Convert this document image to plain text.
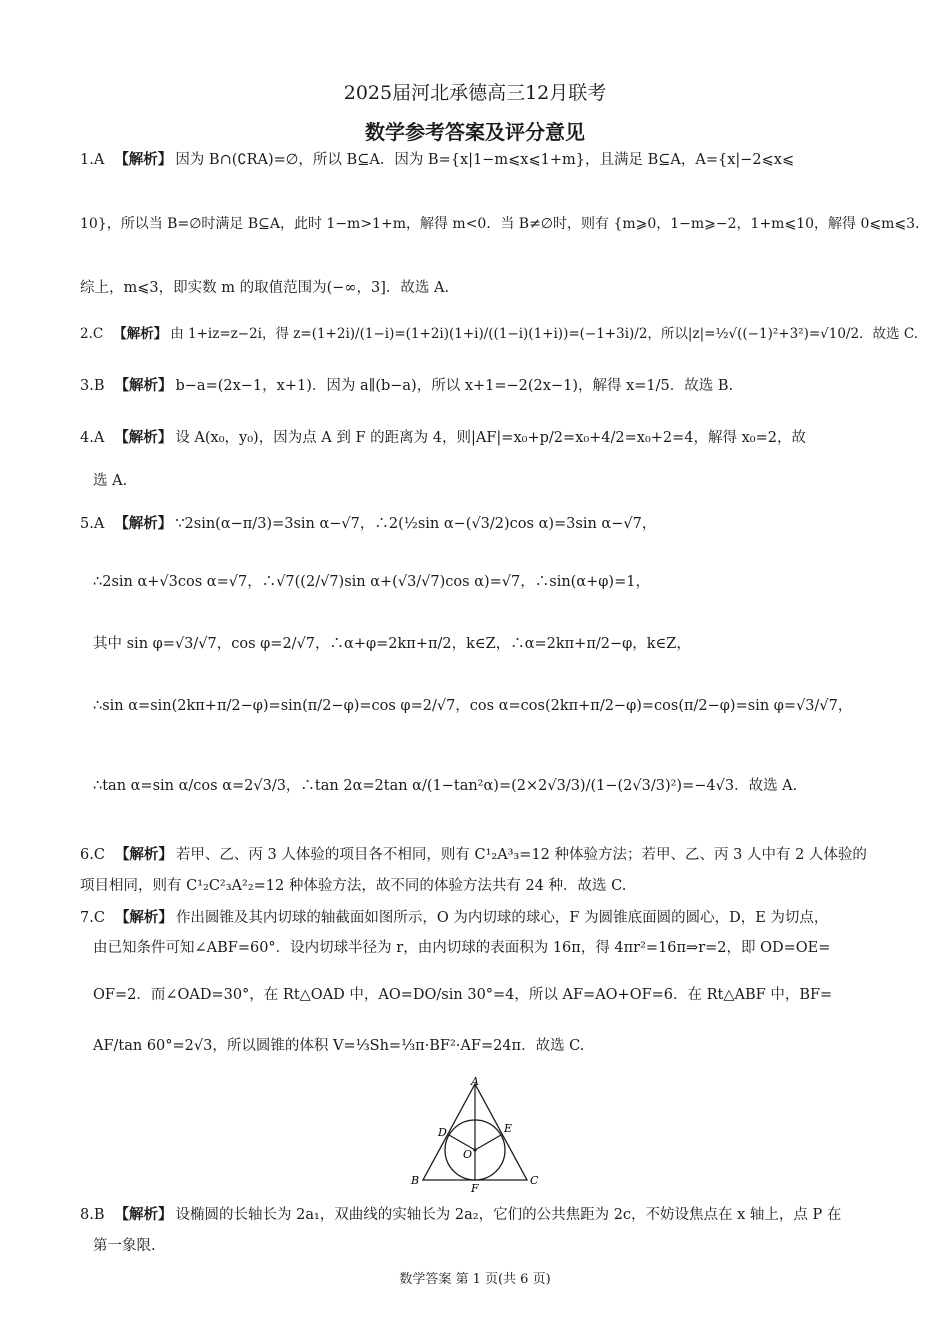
2025届河北承德高三12月联考
数学参考答案及评分意见
1.A 【解析】 因为 B∩(∁RA)=∅，所以 B⊆A．因为 B={x|1−m⩽x⩽1+m}，且满足 B⊆A，A={x|−2⩽x⩽
10}，所以当 B=∅时满足 B⊆A，此时 1−m>1+m，解得 m<0．当 B≠∅时，则有 {m⩾0，1−m⩾−2，1+m⩽10，解得 0⩽m⩽3.
综上，m⩽3，即实数 m 的取值范围为(−∞，3]．故选 A.
2.C 【解析】 由 1+iz=z−2i，得 z=(1+2i)/(1−i)=(1+2i)(1+i)/((1−i)(1+i))=(−1+3i)/2，所以|z|=½√((−1)²+3²)=√10/2．故选 C.
3.B 【解析】 b−a=(2x−1，x+1)．因为 a∥(b−a)，所以 x+1=−2(2x−1)，解得 x=1/5．故选 B.
4.A 【解析】 设 A(x₀，y₀)，因为点 A 到 F 的距离为 4，则|AF|=x₀+p/2=x₀+4/2=x₀+2=4，解得 x₀=2，故
选 A.
5.A 【解析】 ∵2sin(α−π/3)=3sin α−√7，∴2(½sin α−(√3/2)cos α)=3sin α−√7，
∴2sin α+√3cos α=√7，∴√7((2/√7)sin α+(√3/√7)cos α)=√7，∴sin(α+φ)=1，
其中 sin φ=√3/√7，cos φ=2/√7，∴α+φ=2kπ+π/2，k∈Z，∴α=2kπ+π/2−φ，k∈Z，
∴sin α=sin(2kπ+π/2−φ)=sin(π/2−φ)=cos φ=2/√7，cos α=cos(2kπ+π/2−φ)=cos(π/2−φ)=sin φ=√3/√7，
∴tan α=sin α/cos α=2√3/3，∴tan 2α=2tan α/(1−tan²α)=(2×2√3/3)/(1−(2√3/3)²)=−4√3．故选 A.
6.C 【解析】 若甲、乙、丙 3 人体验的项目各不相同，则有 C¹₂A³₃=12 种体验方法；若甲、乙、丙 3 人中有 2 人体验的
项目相同，则有 C¹₂C²₃A²₂=12 种体验方法，故不同的体验方法共有 24 种．故选 C.
7.C 【解析】 作出圆锥及其内切球的轴截面如图所示，O 为内切球的球心，F 为圆锥底面圆的圆心，D，E 为切点，
由已知条件可知∠ABF=60°．设内切球半径为 r，由内切球的表面积为 16π，得 4πr²=16π⇒r=2，即 OD=OE=
OF=2．而∠OAD=30°，在 Rt△OAD 中，AO=DO/sin 30°=4，所以 AF=AO+OF=6．在 Rt△ABF 中，BF=
AF/tan 60°=2√3，所以圆锥的体积 V=⅓Sh=⅓π·BF²·AF=24π．故选 C.
A
D	E
O
B
F
C
8.B 【解析】 设椭圆的长轴长为 2a₁，双曲线的实轴长为 2a₂，它们的公共焦距为 2c，不妨设焦点在 x 轴上，点 P 在
第一象限.
数学答案 第 1 页(共 6 页)
